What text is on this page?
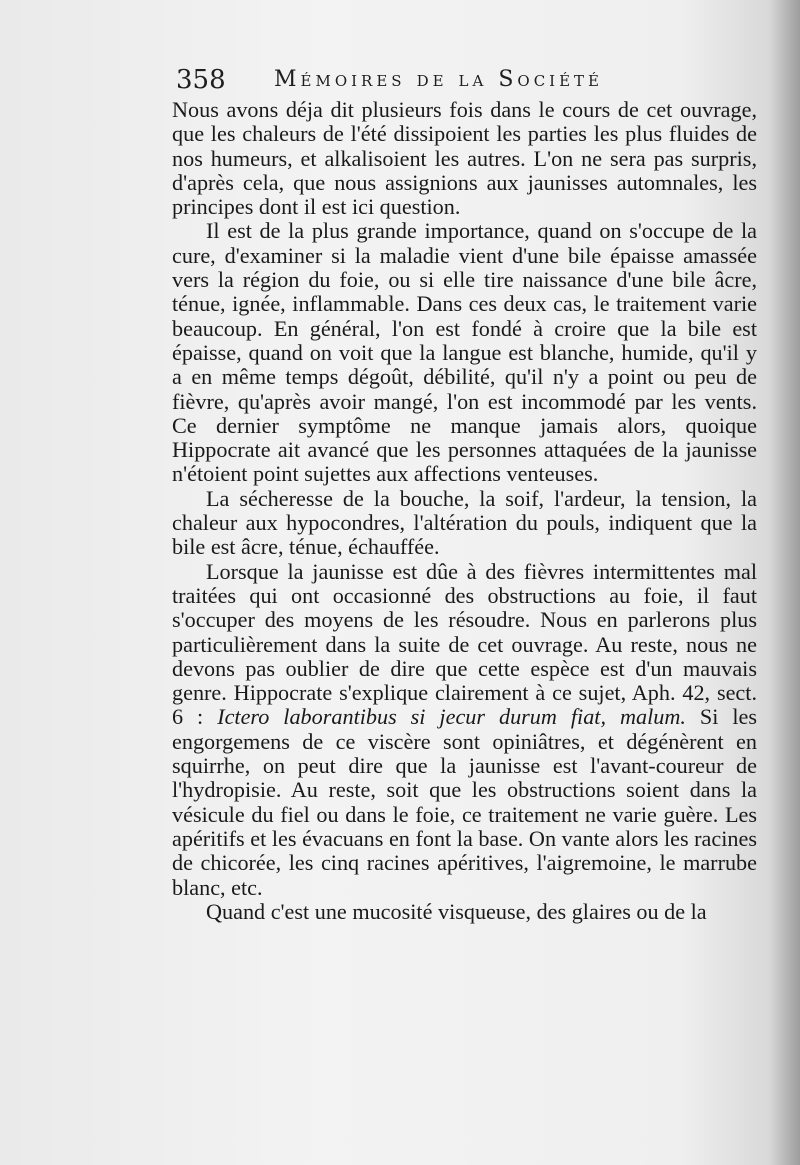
358 Mémoires de la Société

Nous avons déja dit plusieurs fois dans le cours de cet ouvrage, que les chaleurs de l'été dissipoient les parties les plus fluides de nos humeurs, et alkalisoient les autres. L'on ne sera pas surpris, d'après cela, que nous assignions aux jaunisses automnales, les principes dont il est ici question.

Il est de la plus grande importance, quand on s'occupe de la cure, d'examiner si la maladie vient d'une bile épaisse amassée vers la région du foie, ou si elle tire naissance d'une bile âcre, ténue, ignée, inflammable. Dans ces deux cas, le traitement varie beaucoup. En général, l'on est fondé à croire que la bile est épaisse, quand on voit que la langue est blanche, humide, qu'il y a en même temps dégoût, débilité, qu'il n'y a point ou peu de fièvre, qu'après avoir mangé, l'on est incommodé par les vents. Ce dernier symptôme ne manque jamais alors, quoique Hippocrate ait avancé que les personnes attaquées de la jaunisse n'étoient point sujettes aux affections venteuses.

La sécheresse de la bouche, la soif, l'ardeur, la tension, la chaleur aux hypocondres, l'altération du pouls, indiquent que la bile est âcre, ténue, échauffée.

Lorsque la jaunisse est dûe à des fièvres intermittentes mal traitées qui ont occasionné des obstructions au foie, il faut s'occuper des moyens de les résoudre. Nous en parlerons plus particulièrement dans la suite de cet ouvrage. Au reste, nous ne devons pas oublier de dire que cette espèce est d'un mauvais genre. Hippocrate s'explique clairement à ce sujet, Aph. 42, sect. 6 : Ictero laborantibus si jecur durum fiat, malum. Si les engorgemens de ce viscère sont opiniâtres, et dégénèrent en squirrhe, on peut dire que la jaunisse est l'avant-coureur de l'hydropisie. Au reste, soit que les obstructions soient dans la vésicule du fiel ou dans le foie, ce traitement ne varie guère. Les apéritifs et les évacuans en font la base. On vante alors les racines de chicorée, les cinq racines apéritives, l'aigremoine, le marrube blanc, etc.

Quand c'est une mucosité visqueuse, des glaires ou de la
